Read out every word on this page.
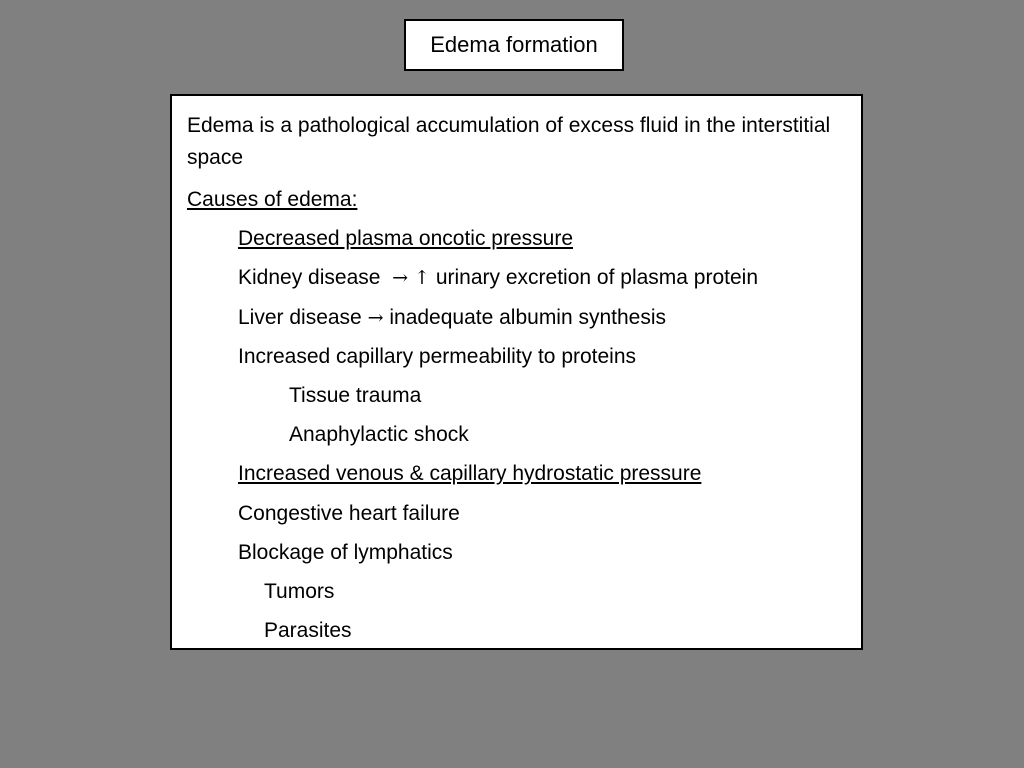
Edema formation
Edema is a pathological accumulation of excess fluid in the interstitial space
Causes of edema:
Decreased plasma oncotic pressure
Kidney disease → ↑ urinary excretion of plasma protein
Liver disease → inadequate albumin synthesis
Increased capillary permeability to proteins
Tissue trauma
Anaphylactic shock
Increased venous & capillary hydrostatic pressure
Congestive heart failure
Blockage of lymphatics
Tumors
Parasites
